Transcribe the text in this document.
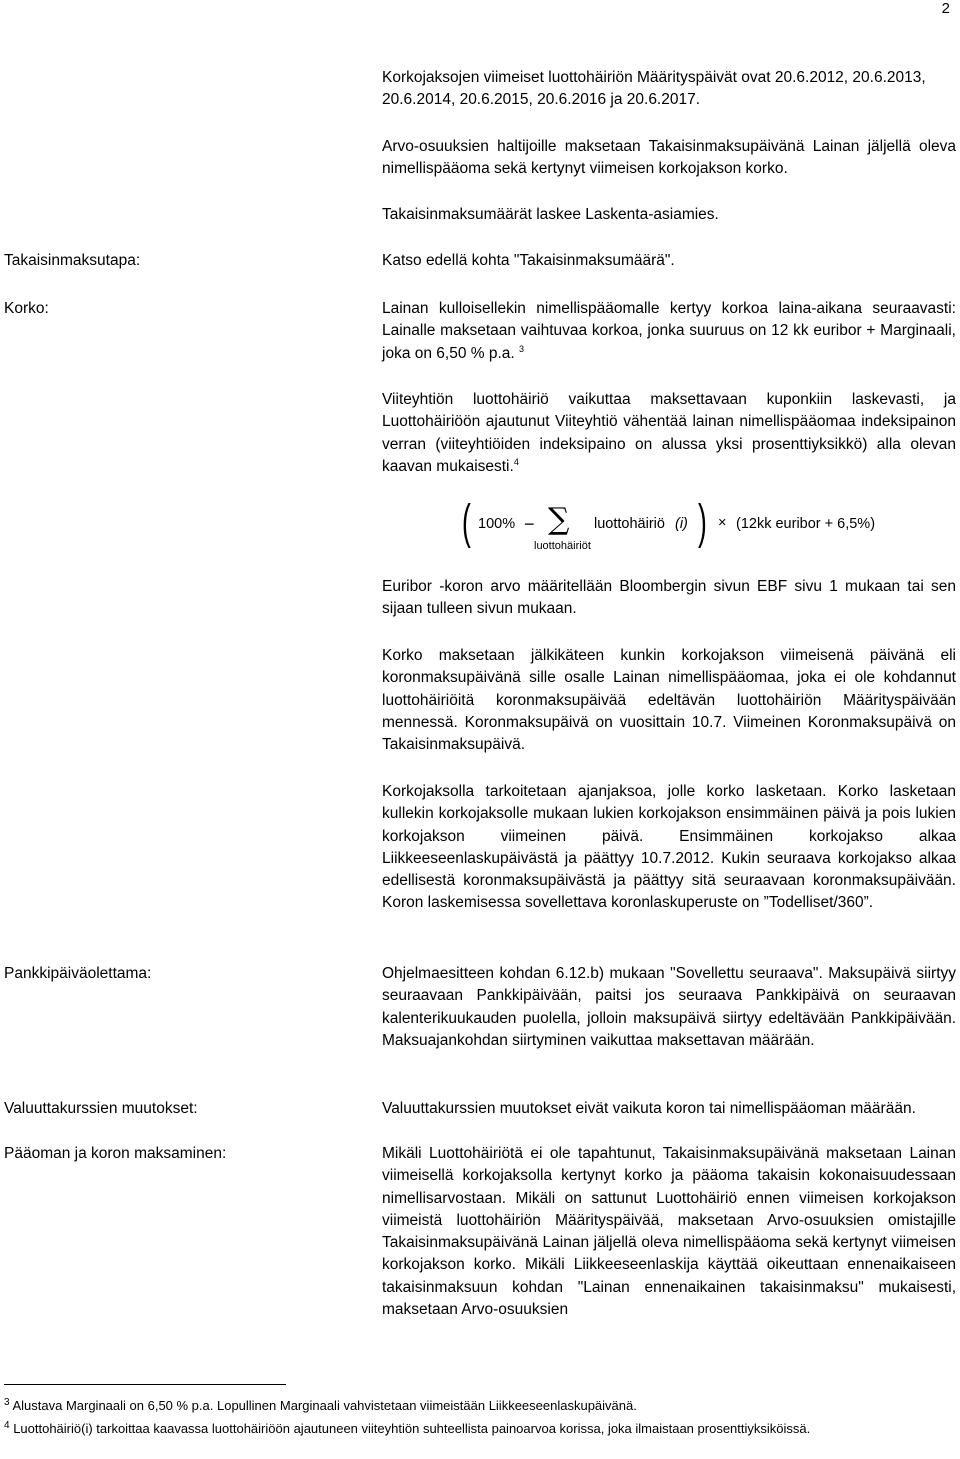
2
Takaisinmaksutapa:
Korko:
Pankkipäiväolettama:
Valuuttakurssien muutokset:
Pääoman ja koron maksaminen:

Korkojaksojen viimeiset luottohäiriön Määrityspäivät ovat 20.6.2012, 20.6.2013, 20.6.2014, 20.6.2015, 20.6.2016 ja 20.6.2017.

Arvo-osuuksien haltijoille maksetaan Takaisinmaksupäivänä Lainan jäljellä oleva nimellispääoma sekä kertynyt viimeisen korkojakson korko.

Takaisinmaksumäärät laskee Laskenta-asiamies.

Katso edellä kohta "Takaisinmaksumäärä".

Lainan kulloisellekin nimellispääomalle kertyy korkoa laina-aikana seuraavasti: Lainalle maksetaan vaihtuvaa korkoa, jonka suuruus on 12 kk euribor + Marginaali, joka on 6,50 % p.a. $^3$

Viiteyhtiön luottohäiriö vaikuttaa maksettavaan kuponkiin laskevasti, ja Luottohäiriöön ajautunut Viiteyhtiö vähentää lainan nimellispääomaa indeksipainon verran (viiteyhtiöiden indeksipaino on alussa yksi prosenttiyksikkö) alla olevan kaavan mukaisesti.$^4$

( 100% − ∑
luottohäiriöt
luottohäiriö (i) ) × (12kk euribor + 6,5%)

Euribor -koron arvo määritellään Bloombergin sivun EBF sivu 1 mukaan tai sen sijaan tulleen sivun mukaan.

Korko maksetaan jälkikäteen kunkin korkojakson viimeisenä päivänä eli koronmaksupäivänä sille osalle Lainan nimellispääomaa, joka ei ole kohdannut luottohäiriöitä koronmaksupäivää edeltävän luottohäiriön Määrityspäivään mennessä. Koronmaksupäivä on vuosittain 10.7. Viimeinen Koronmaksupäivä on Takaisinmaksupäivä.

Korkojaksolla tarkoitetaan ajanjaksoa, jolle korko lasketaan. Korko lasketaan kullekin korkojaksolle mukaan lukien korkojakson ensimmäinen päivä ja pois lukien korkojakson viimeinen päivä. Ensimmäinen korkojakso alkaa Liikkeeseenlaskupäivästä ja päättyy 10.7.2012. Kukin seuraava korkojakso alkaa edellisestä koronmaksupäivästä ja päättyy sitä seuraavaan koronmaksupäivään. Koron laskemisessa sovellettava koronlaskuperuste on ”Todelliset/360”.

Ohjelmaesitteen kohdan 6.12.b) mukaan "Sovellettu seuraava". Maksupäivä siirtyy seuraavaan Pankkipäivään, paitsi jos seuraava Pankkipäivä on seuraavan kalenterikuukauden puolella, jolloin maksupäivä siirtyy edeltävään Pankkipäivään. Maksuajankohdan siirtyminen vaikuttaa maksettavan määrään.

Valuuttakurssien muutokset eivät vaikuta koron tai nimellispääoman määrään.

Mikäli Luottohäiriötä ei ole tapahtunut, Takaisinmaksupäivänä maksetaan Lainan viimeisellä korkojaksolla kertynyt korko ja pääoma takaisin kokonaisuudessaan nimellisarvostaan. Mikäli on sattunut Luottohäiriö ennen viimeisen korkojakson viimeistä luottohäiriön Määrityspäivää, maksetaan Arvo-osuuksien omistajille Takaisinmaksupäivänä Lainan jäljellä oleva nimellispääoma sekä kertynyt viimeisen korkojakson korko. Mikäli Liikkeeseenlaskija käyttää oikeuttaan ennenaikaiseen takaisinmaksuun kohdan "Lainan ennenaikainen takaisinmaksu" mukaisesti, maksetaan Arvo-osuuksien

$^3$ Alustava Marginaali on 6,50 % p.a. Lopullinen Marginaali vahvistetaan viimeistään Liikkeeseenlaskupäivänä.
$^4$ Luottohäiriö(i) tarkoittaa kaavassa luottohäiriöön ajautuneen viiteyhtiön suhteellista painoarvoa korissa, joka ilmaistaan prosenttiyksiköissä.
